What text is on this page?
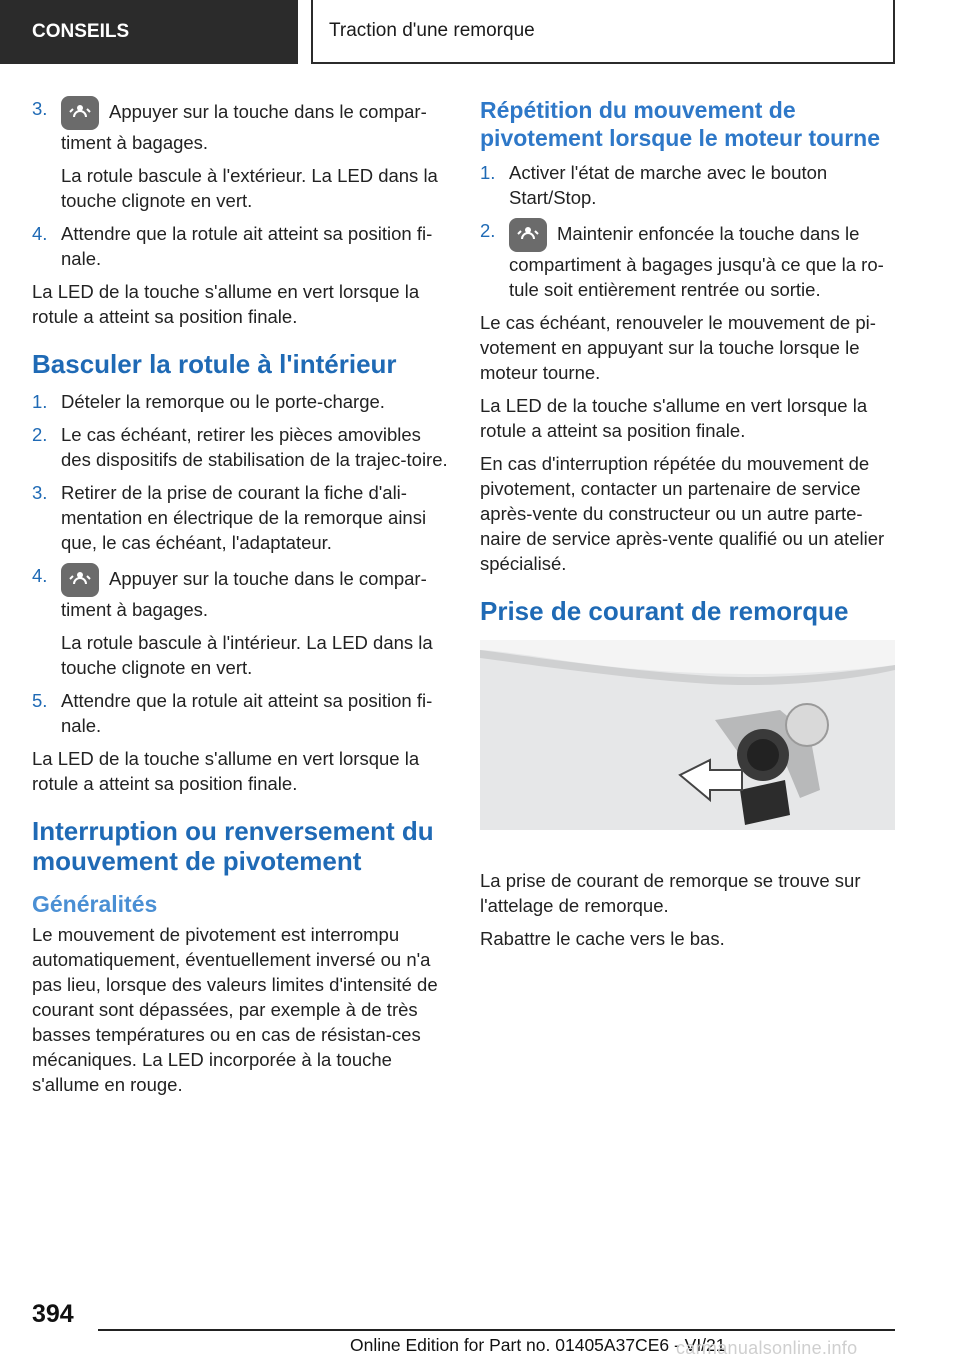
CONSEILS	Traction d'une remorque
3.	Appuyer sur la touche dans le compar-timent à bagages.

La rotule bascule à l'extérieur. La LED dans la touche clignote en vert.

4. Attendre que la rotule ait atteint sa position fi-nale.

La LED de la touche s'allume en vert lorsque la rotule a atteint sa position finale.

Basculer la rotule à l'intérieur
1. Dételer la remorque ou le porte-charge.

2. Le cas échéant, retirer les pièces amovibles des dispositifs de stabilisation de la trajec-toire.

3. Retirer de la prise de courant la fiche d'ali-mentation en électrique de la remorque ainsi que, le cas échéant, l'adaptateur.

4.	Appuyer sur la touche dans le compar-timent à bagages.

La rotule bascule à l'intérieur. La LED dans la touche clignote en vert.

5. Attendre que la rotule ait atteint sa position fi-nale.

La LED de la touche s'allume en vert lorsque la rotule a atteint sa position finale.

Interruption ou renversement du mouvement de pivotement
Généralités

Le mouvement de pivotement est interrompu automatiquement, éventuellement inversé ou n'a pas lieu, lorsque des valeurs limites d'intensité de courant sont dépassées, par exemple à de très basses températures ou en cas de résistan-ces mécaniques. La LED incorporée à la touche s'allume en rouge.

Répétition du mouvement de pivotement lorsque le moteur tourne
1. Activer l'état de marche avec le bouton Start/Stop.

2.	Maintenir enfoncée la touche dans le compartiment à bagages jusqu'à ce que la ro-tule soit entièrement rentrée ou sortie.

Le cas échéant, renouveler le mouvement de pi-votement en appuyant sur la touche lorsque le moteur tourne.

La LED de la touche s'allume en vert lorsque la rotule a atteint sa position finale.

En cas d'interruption répétée du mouvement de pivotement, contacter un partenaire de service après-vente du constructeur ou un autre parte-naire de service après-vente qualifié ou un atelier spécialisé.

Prise de courant de remorque

La prise de courant de remorque se trouve sur l'attelage de remorque.

Rabattre le cache vers le bas.

394
Online Edition for Part no. 01405A37CE6 - VI/21
carmanualsonline.info
